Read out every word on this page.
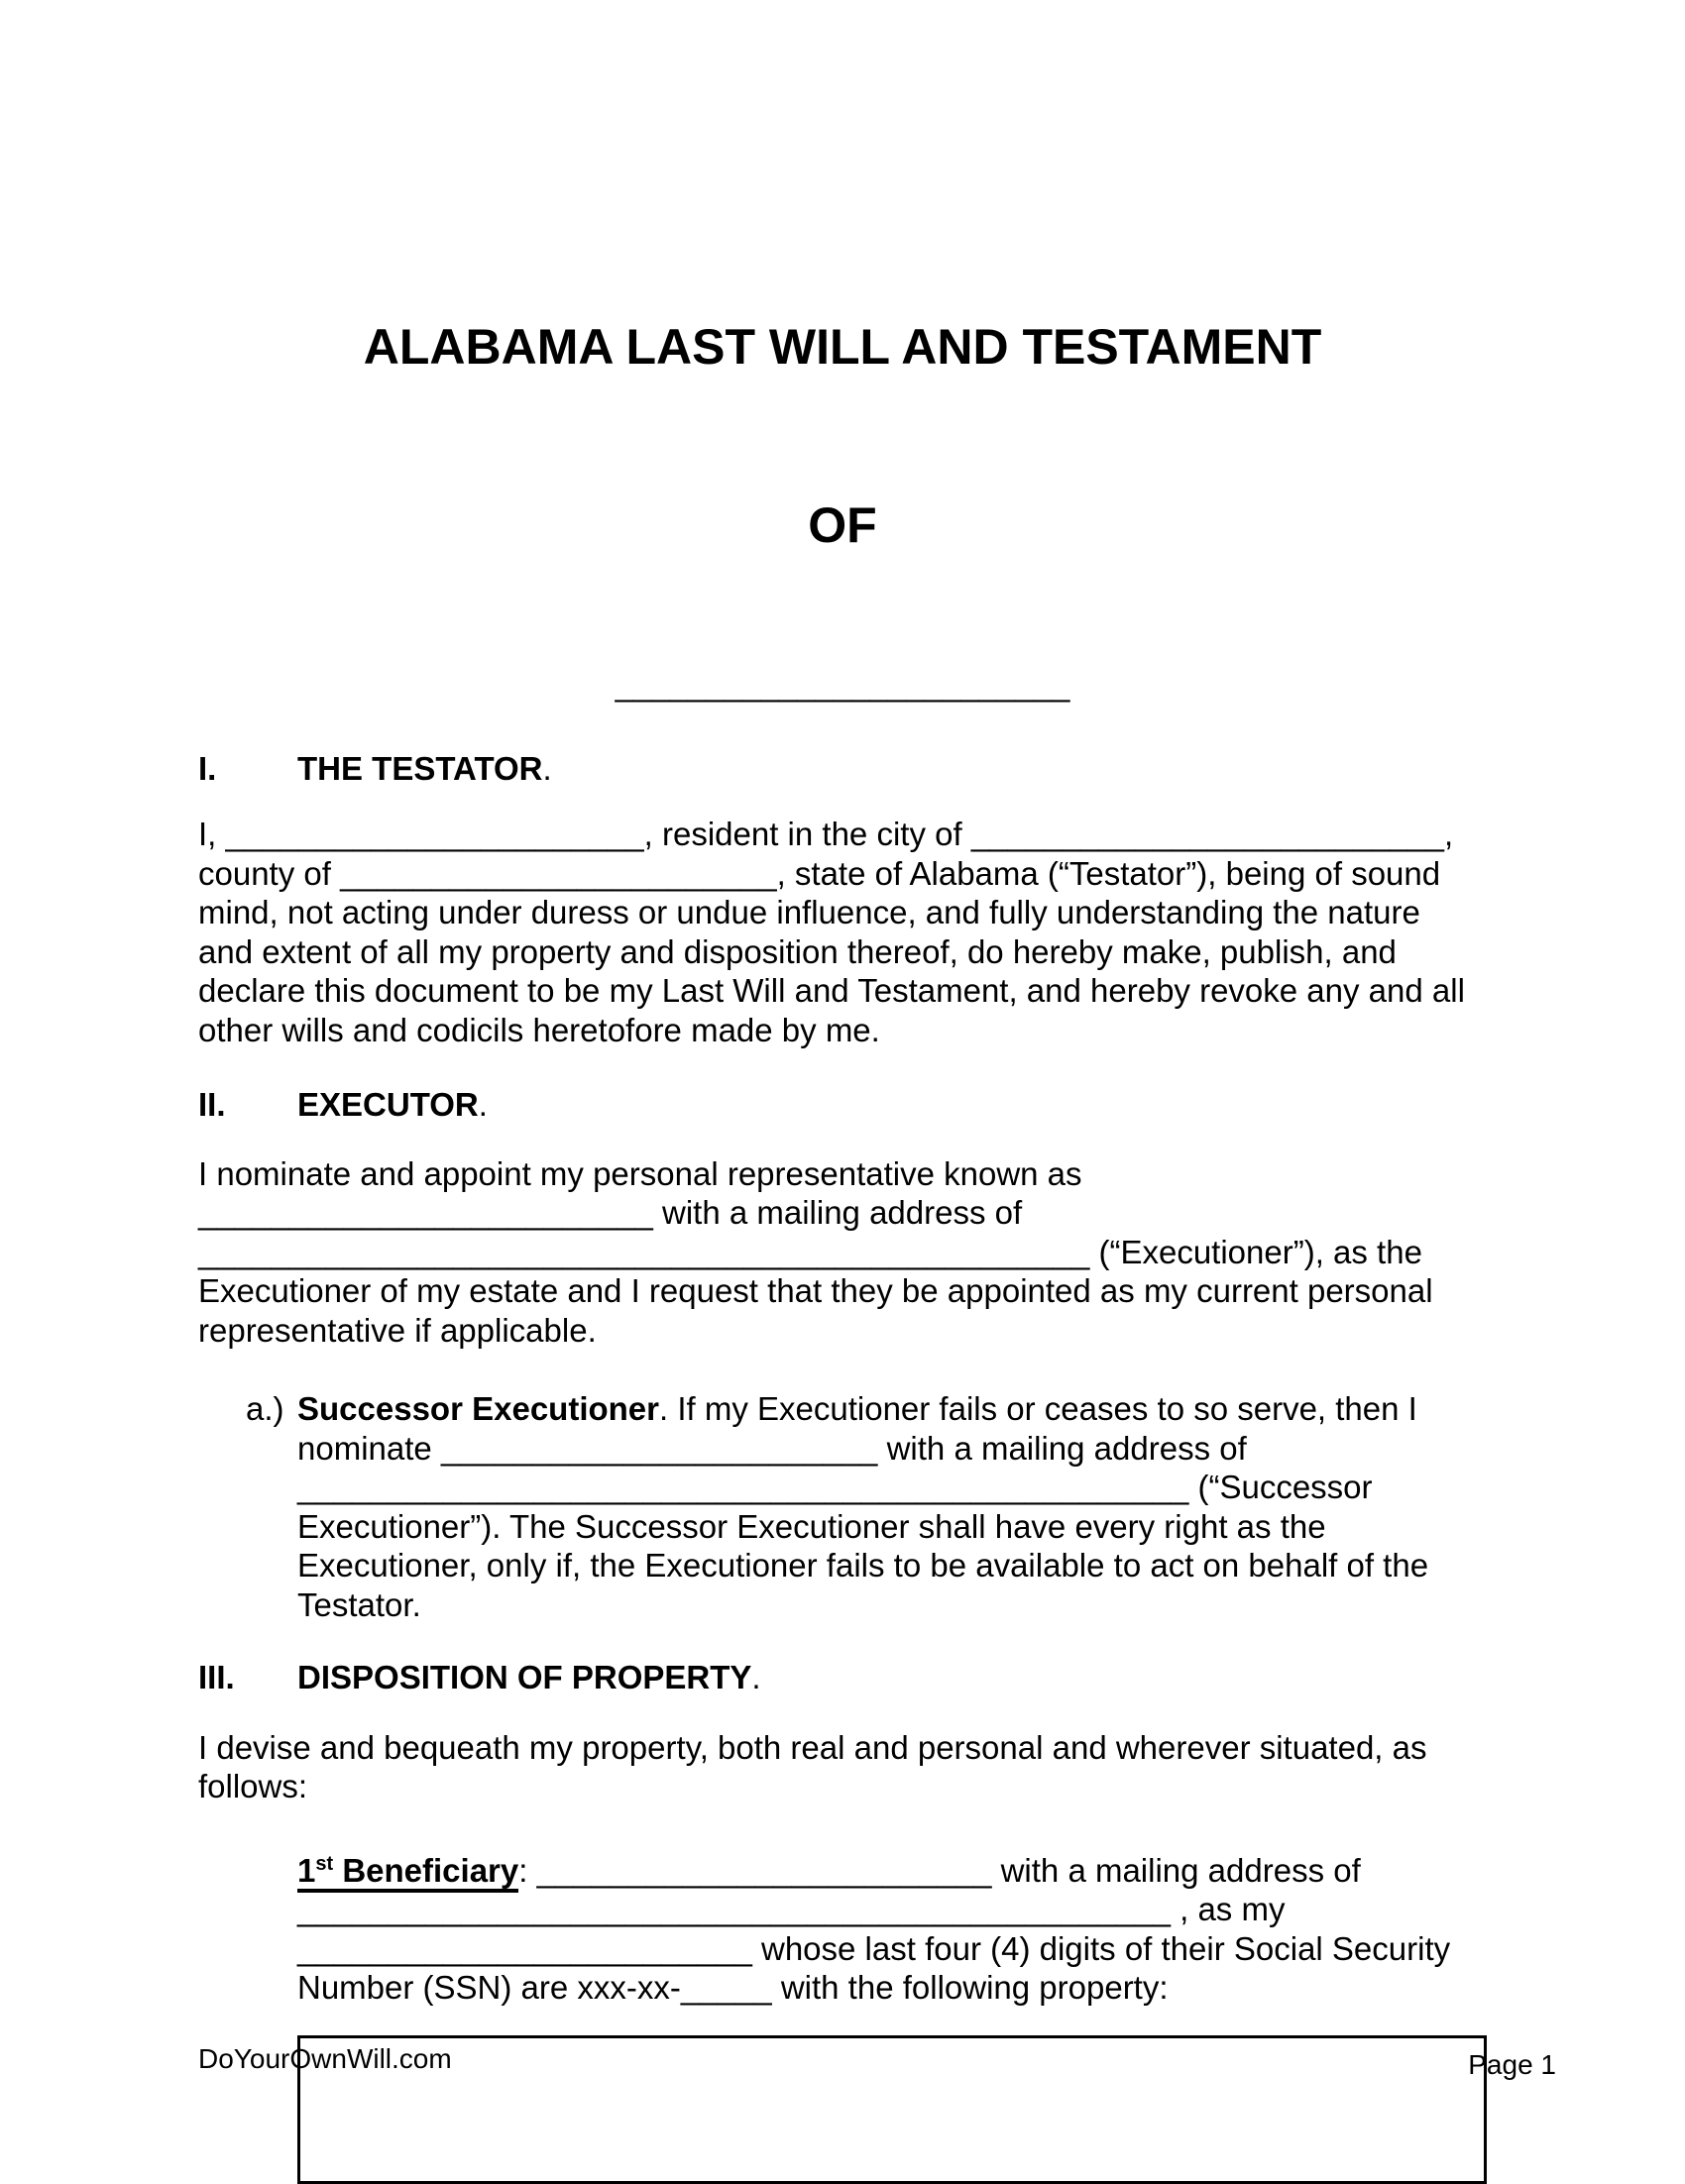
ALABAMA LAST WILL AND TESTAMENT

OF

_________________________
I. THE TESTATOR.
I, _______________________, resident in the city of __________________________,
county of ________________________, state of Alabama (“Testator”), being of sound
mind, not acting under duress or undue influence, and fully understanding the nature
and extent of all my property and disposition thereof, do hereby make, publish, and
declare this document to be my Last Will and Testament, and hereby revoke any and all
other wills and codicils heretofore made by me.
II. EXECUTOR.
I nominate and appoint my personal representative known as
_________________________ with a mailing address of
_________________________________________________ (“Executioner”), as the
Executioner of my estate and I request that they be appointed as my current personal
representative if applicable.
a.) Successor Executioner. If my Executioner fails or ceases to so serve, then I
nominate ________________________ with a mailing address of
_________________________________________________ (“Successor
Executioner”). The Successor Executioner shall have every right as the
Executioner, only if, the Executioner fails to be available to act on behalf of the
Testator.
III. DISPOSITION OF PROPERTY.
I devise and bequeath my property, both real and personal and wherever situated, as
follows:
1st Beneficiary: _________________________ with a mailing address of
________________________________________________ , as my
_________________________ whose last four (4) digits of their Social Security
Number (SSN) are xxx-xx-_____ with the following property:
DoYourOwnWill.com	Page 1
